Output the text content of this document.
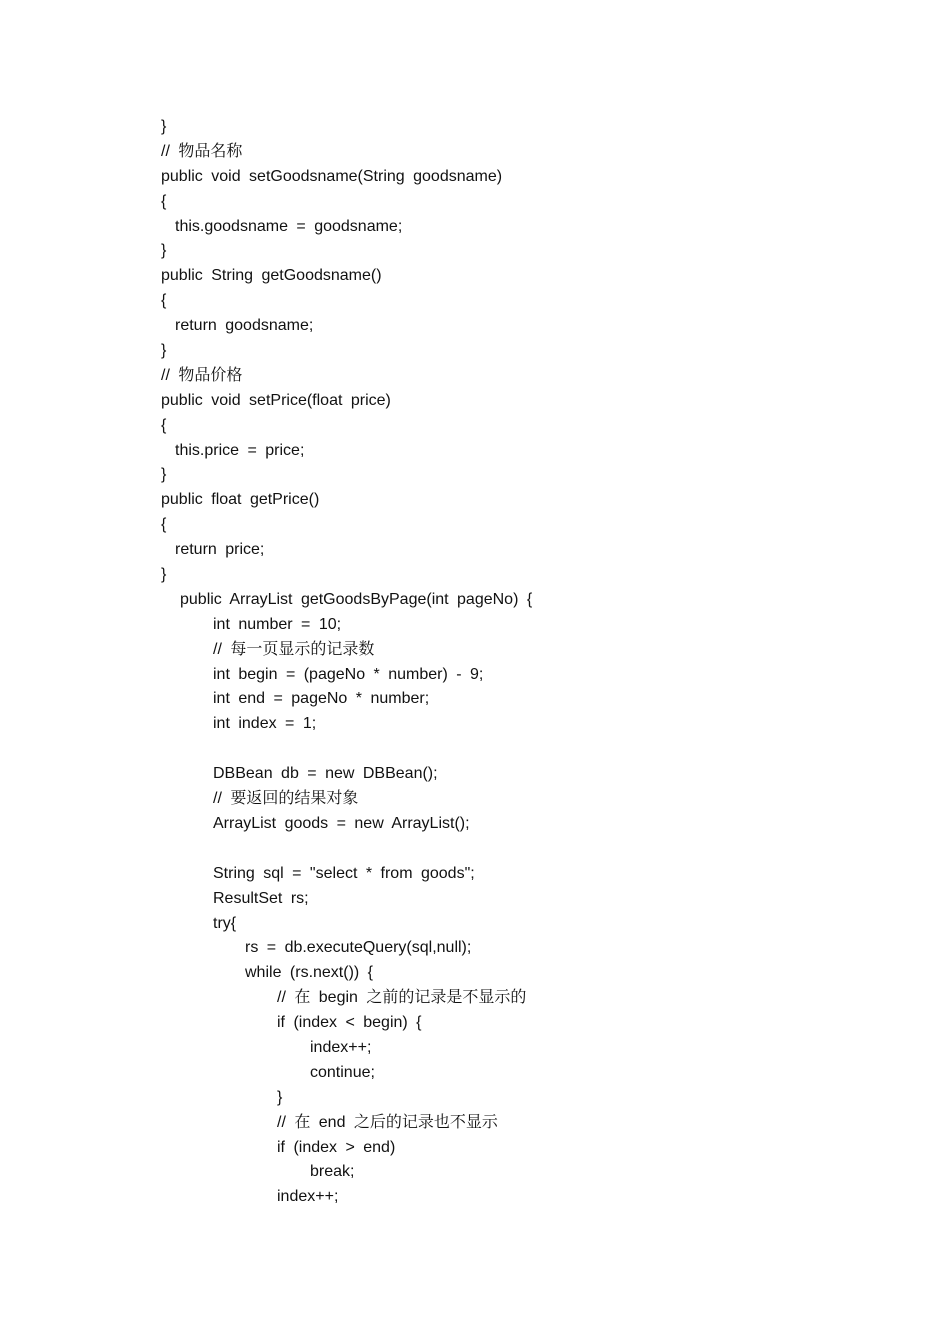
}
// 物品名称
public void setGoodsname(String goodsname)
{
this.goodsname = goodsname;
}
public String getGoodsname()
{
return goodsname;
}
// 物品价格
public void setPrice(float price)
{
this.price = price;
}
public float getPrice()
{
return price;
}
public ArrayList getGoodsByPage(int pageNo) {
int number = 10;
// 每一页显示的记录数
int begin = (pageNo * number) - 9;
int end = pageNo * number;
int index = 1;
DBBean db = new DBBean();
// 要返回的结果对象
ArrayList goods = new ArrayList();
String sql = "select * from goods";
ResultSet rs;
try{
rs = db.executeQuery(sql,null);
while (rs.next()) {
// 在 begin 之前的记录是不显示的
if (index < begin) {
index++;
continue;
}
// 在 end 之后的记录也不显示
if (index > end)
break;
index++;
